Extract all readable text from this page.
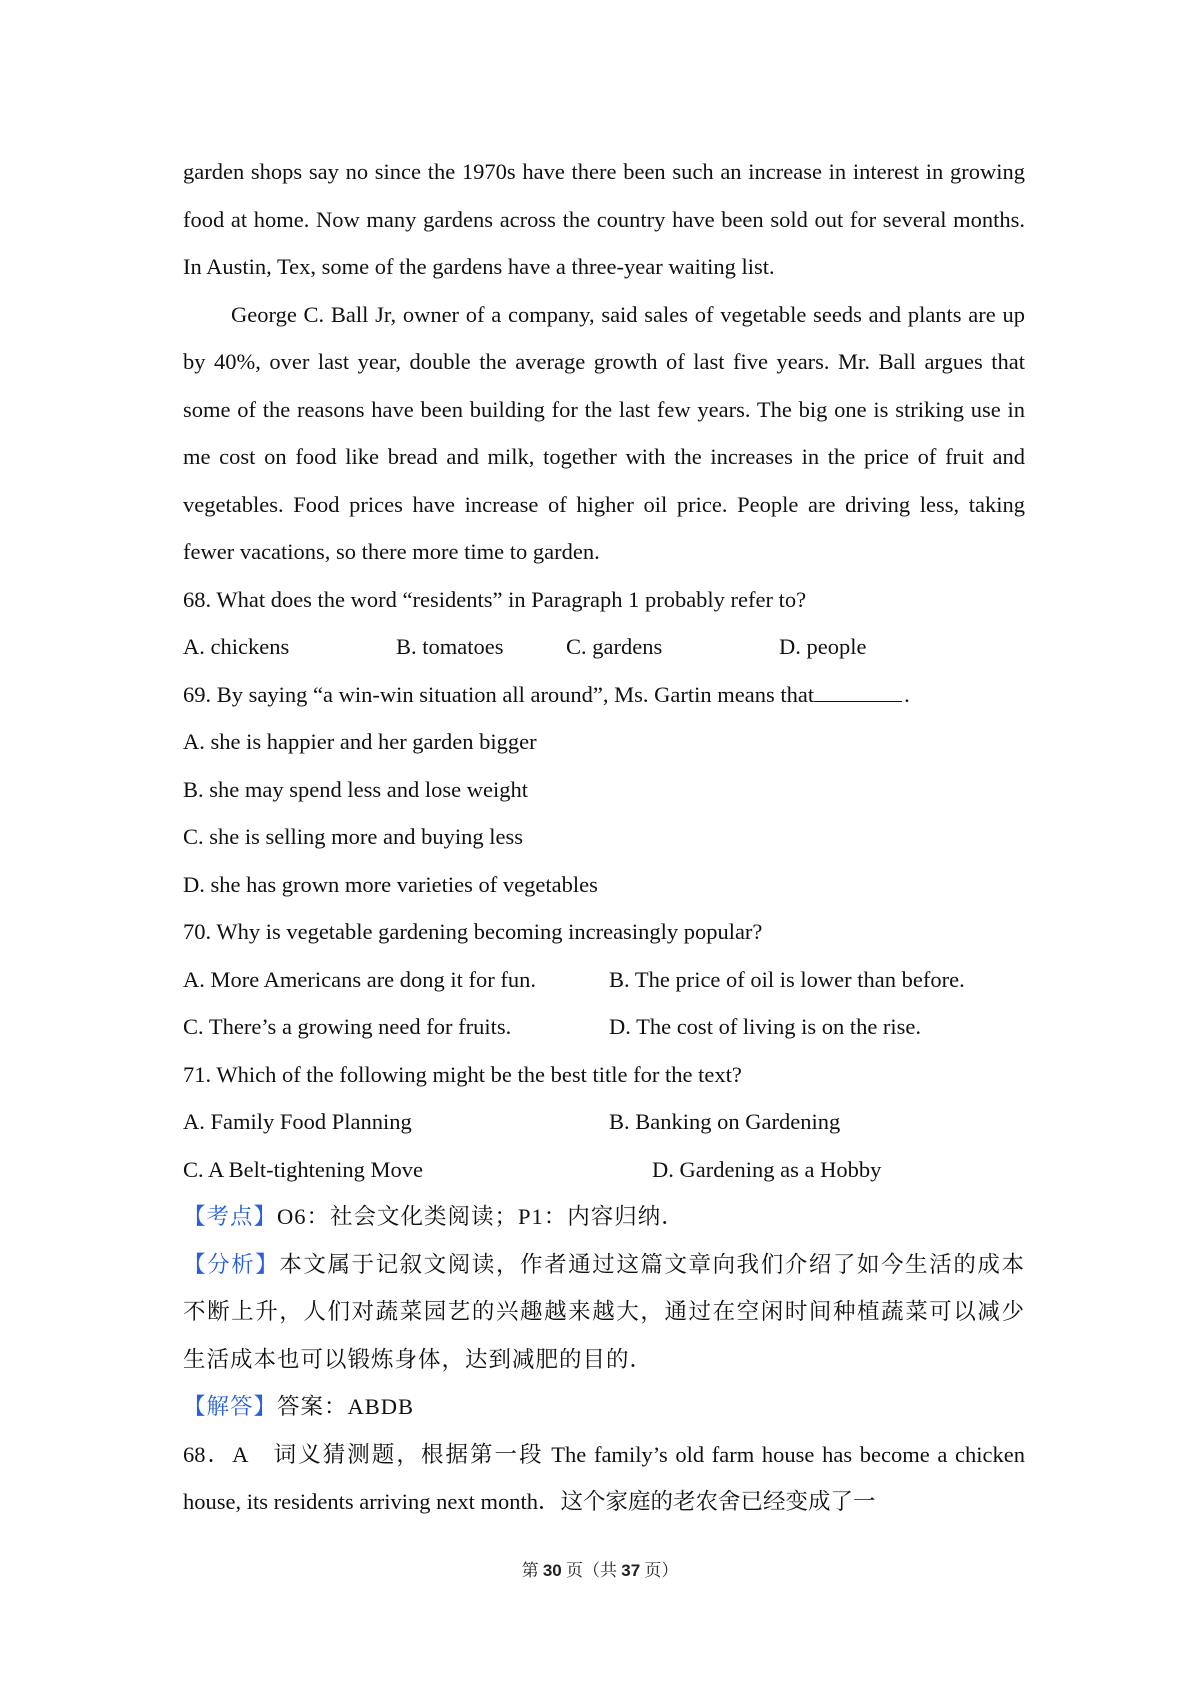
garden shops say no since the 1970s have there been such an increase in interest in growing food at home. Now many gardens across the country have been sold out for several months. In Austin, Tex, some of the gardens have a three-year waiting list.

George C. Ball Jr, owner of a company, said sales of vegetable seeds and plants are up by 40%, over last year, double the average growth of last five years. Mr. Ball argues that some of the reasons have been building for the last few years. The big one is striking use in me cost on food like bread and milk, together with the increases in the price of fruit and vegetables. Food prices have increase of higher oil price. People are driving less, taking fewer vacations, so there more time to garden.

68. What does the word “residents” in Paragraph 1 probably refer to?

A. chickens	B. tomatoes	C. gardens	D. people

69. By saying “a win-win situation all around”, Ms. Gartin means that	.

A. she is happier and her garden bigger

B. she may spend less and lose weight

C. she is selling more and buying less

D. she has grown more varieties of vegetables

70. Why is vegetable gardening becoming increasingly popular?

A. More Americans are dong it for fun.	B. The price of oil is lower than before.
C. There’s a growing need for fruits.	D. The cost of living is on the rise.

71. Which of the following might be the best title for the text?

A. Family Food Planning	B. Banking on Gardening
C. A Belt-tightening Move	D. Gardening as a Hobby

【考点】O6：社会文化类阅读；P1：内容归纳．

【分析】本文属于记叙文阅读，作者通过这篇文章向我们介绍了如今生活的成本不断上升，人们对蔬菜园艺的兴趣越来越大，通过在空闲时间种植蔬菜可以减少生活成本也可以锻炼身体，达到减肥的目的．

【解答】答案：ABDB

68．A　词义猜测题，根据第一段 The family’s old farm house has become a chicken house, its residents arriving next month．这个家庭的老农舍已经变成了一

第 30 页（共 37 页）
